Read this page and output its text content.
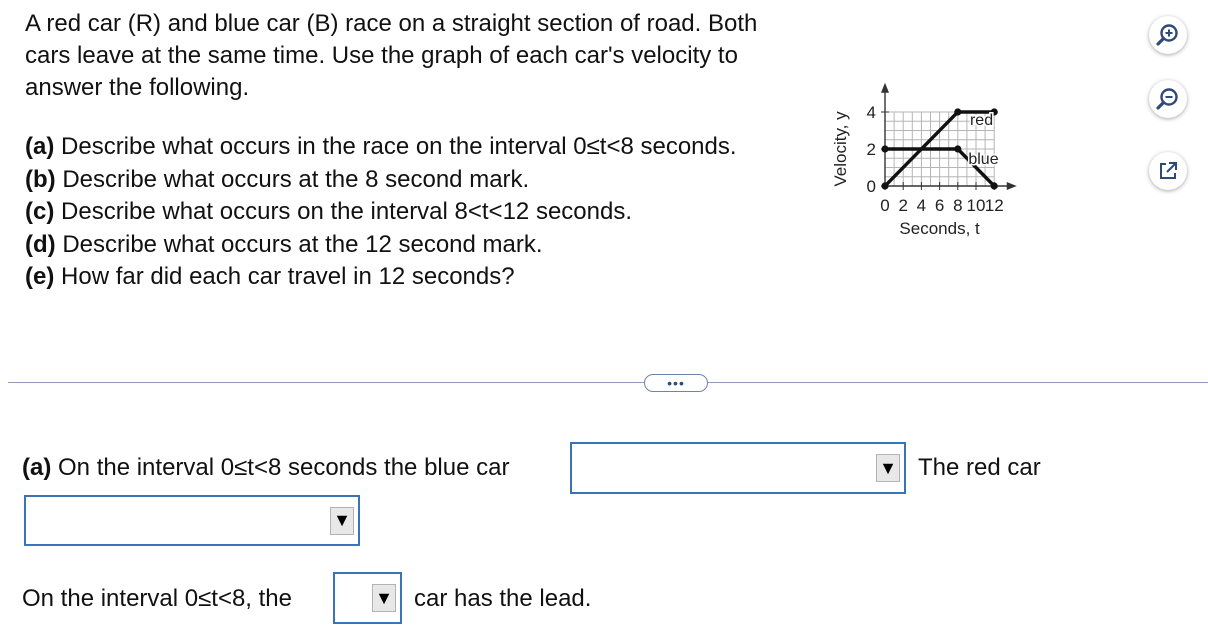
A red car (R) and blue car (B) race on a straight section of road. Both
cars leave at the same time. Use the graph of each car's velocity to
answer the following.
(a) Describe what occurs in the race on the interval 0≤t<8 seconds.
(b) Describe what occurs at the 8 second mark.
(c) Describe what occurs on the interval 8<t<12 seconds.
(d) Describe what occurs at the 12 second mark.
(e) How far did each car travel in 12 seconds?
0 2 4 6 8 10 12
0
2
4
Seconds, t
Velocity, y	red
blue
•••
(a) On the interval 0≤t<8 seconds the blue car	▼ The red car
▼
On the interval 0≤t<8, the	▼ car has the lead.
